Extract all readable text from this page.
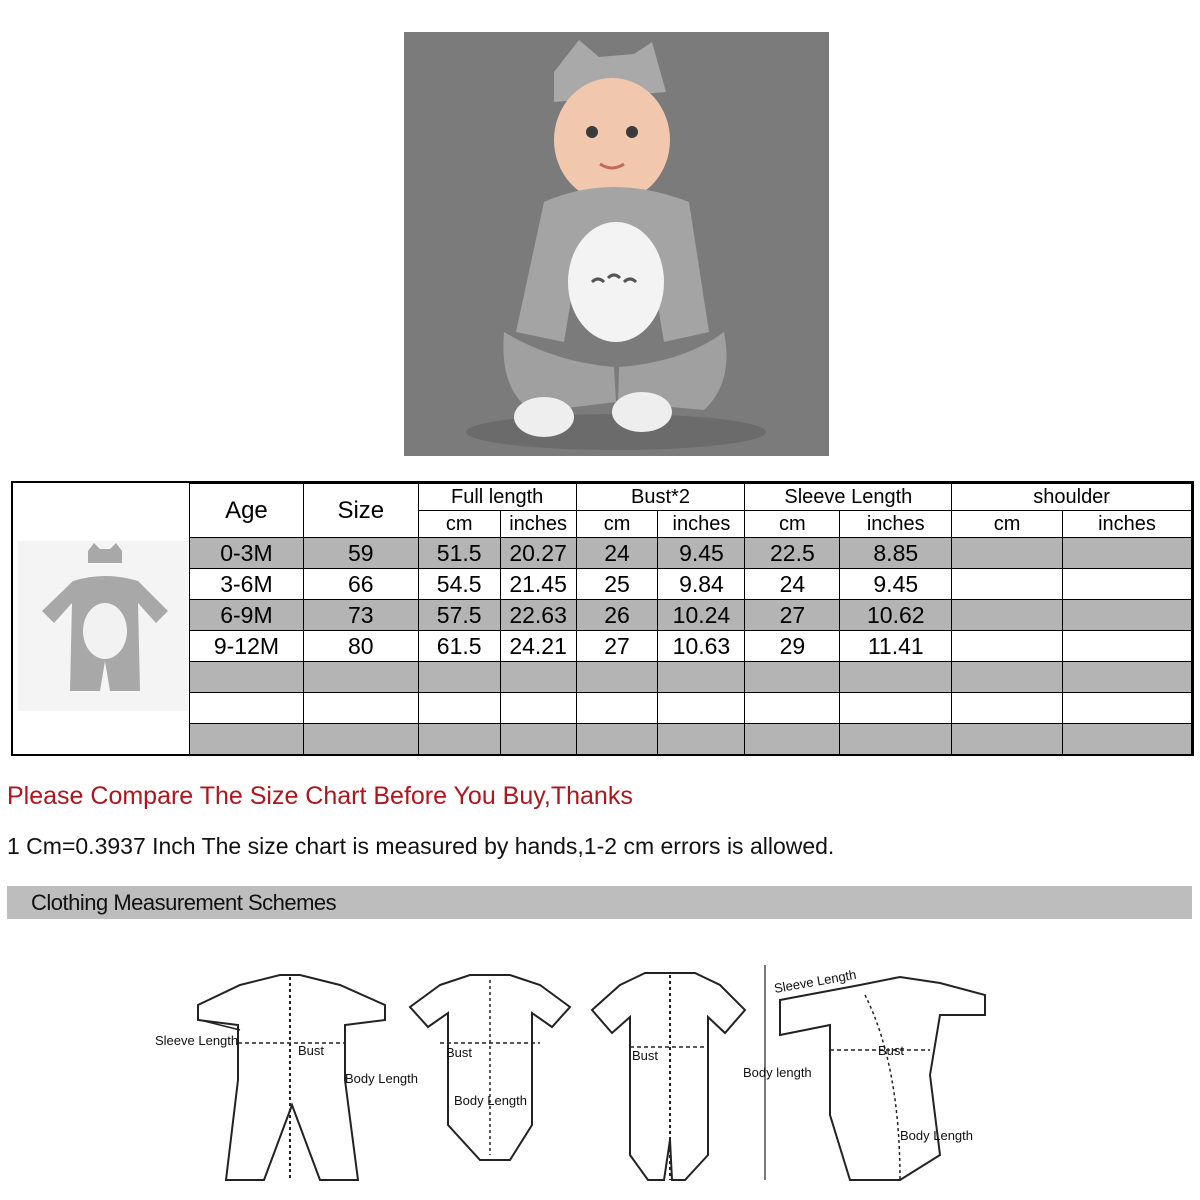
Age	Size	Full length		Bust*2		Sleeve Length		shoulder	
		cm	inches	cm	inches	cm	inches	cm	inches
0-3M	59	51.5	20.27	24	9.45	22.5	8.85		
3-6M	66	54.5	21.45	25	9.84	24	9.45		
6-9M	73	57.5	22.63	26	10.24	27	10.62		
9-12M	80	61.5	24.21	27	10.63	29	11.41		

Please Compare The Size Chart Before You Buy,Thanks
1 Cm=0.3937 Inch The size chart is measured by hands,1-2 cm errors is allowed.
Clothing Measurement Schemes
Sleeve Length
Bust
Body Length
Bust
Body Length
Bust
Body length
Sleeve Length
Bust
Body Length
